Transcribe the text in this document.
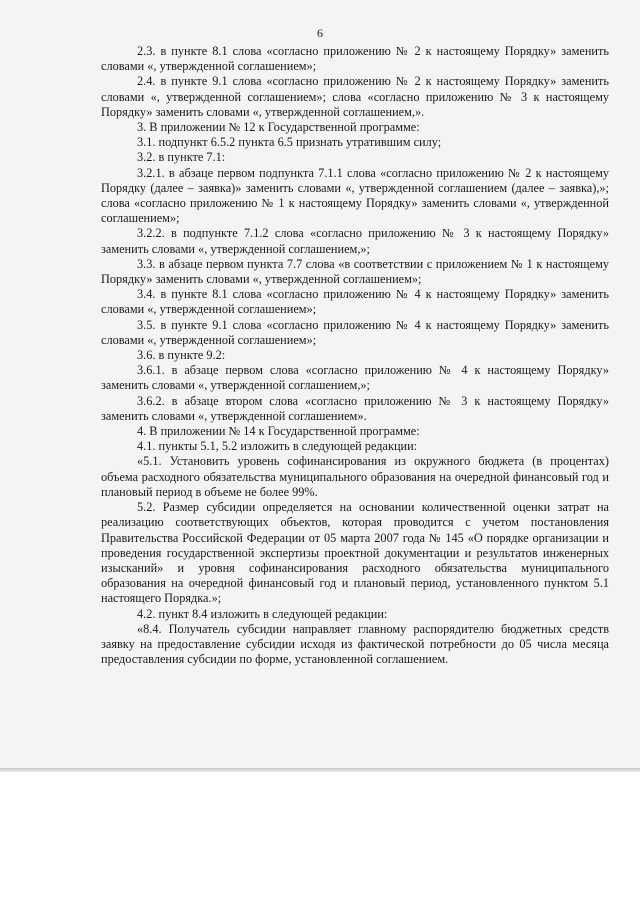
6

2.3. в пункте 8.1 слова «согласно приложению № 2 к настоящему Порядку» заменить словами «, утвержденной соглашением»;

2.4. в пункте 9.1 слова «согласно приложению № 2 к настоящему Порядку» заменить словами «, утвержденной соглашением»; слова «согласно приложению № 3 к настоящему Порядку» заменить словами «, утвержденной соглашением,».

3. В приложении № 12 к Государственной программе:

3.1. подпункт 6.5.2 пункта 6.5 признать утратившим силу;

3.2. в пункте 7.1:

3.2.1. в абзаце первом подпункта 7.1.1 слова «согласно приложению № 2 к настоящему Порядку (далее – заявка)» заменить словами «, утвержденной соглашением (далее – заявка),»; слова «согласно приложению № 1 к настоящему Порядку» заменить словами «, утвержденной соглашением»;

3.2.2. в подпункте 7.1.2 слова «согласно приложению № 3 к настоящему Порядку» заменить словами «, утвержденной соглашением,»;

3.3. в абзаце первом пункта 7.7 слова «в соответствии с приложением № 1 к настоящему Порядку» заменить словами «, утвержденной соглашением»;

3.4. в пункте 8.1 слова «согласно приложению № 4 к настоящему Порядку» заменить словами «, утвержденной соглашением»;

3.5. в пункте 9.1 слова «согласно приложению № 4 к настоящему Порядку» заменить словами «, утвержденной соглашением»;

3.6. в пункте 9.2:

3.6.1. в абзаце первом слова «согласно приложению № 4 к настоящему Порядку» заменить словами «, утвержденной соглашением,»;

3.6.2. в абзаце втором слова «согласно приложению № 3 к настоящему Порядку» заменить словами «, утвержденной соглашением».

4. В приложении № 14 к Государственной программе:

4.1. пункты 5.1, 5.2 изложить в следующей редакции:

«5.1. Установить уровень софинансирования из окружного бюджета (в процентах) объема расходного обязательства муниципального образования на очередной финансовый год и плановый период в объеме не более 99%.

5.2. Размер субсидии определяется на основании количественной оценки затрат на реализацию соответствующих объектов, которая проводится с учетом постановления Правительства Российской Федерации от 05 марта 2007 года № 145 «О порядке организации и проведения государственной экспертизы проектной документации и результатов инженерных изысканий» и уровня софинансирования расходного обязательства муниципального образования на очередной финансовый год и плановый период, установленного пунктом 5.1 настоящего Порядка.»;

4.2. пункт 8.4 изложить в следующей редакции:

«8.4. Получатель субсидии направляет главному распорядителю бюджетных средств заявку на предоставление субсидии исходя из фактической потребности до 05 числа месяца предоставления субсидии по форме, установленной соглашением.
